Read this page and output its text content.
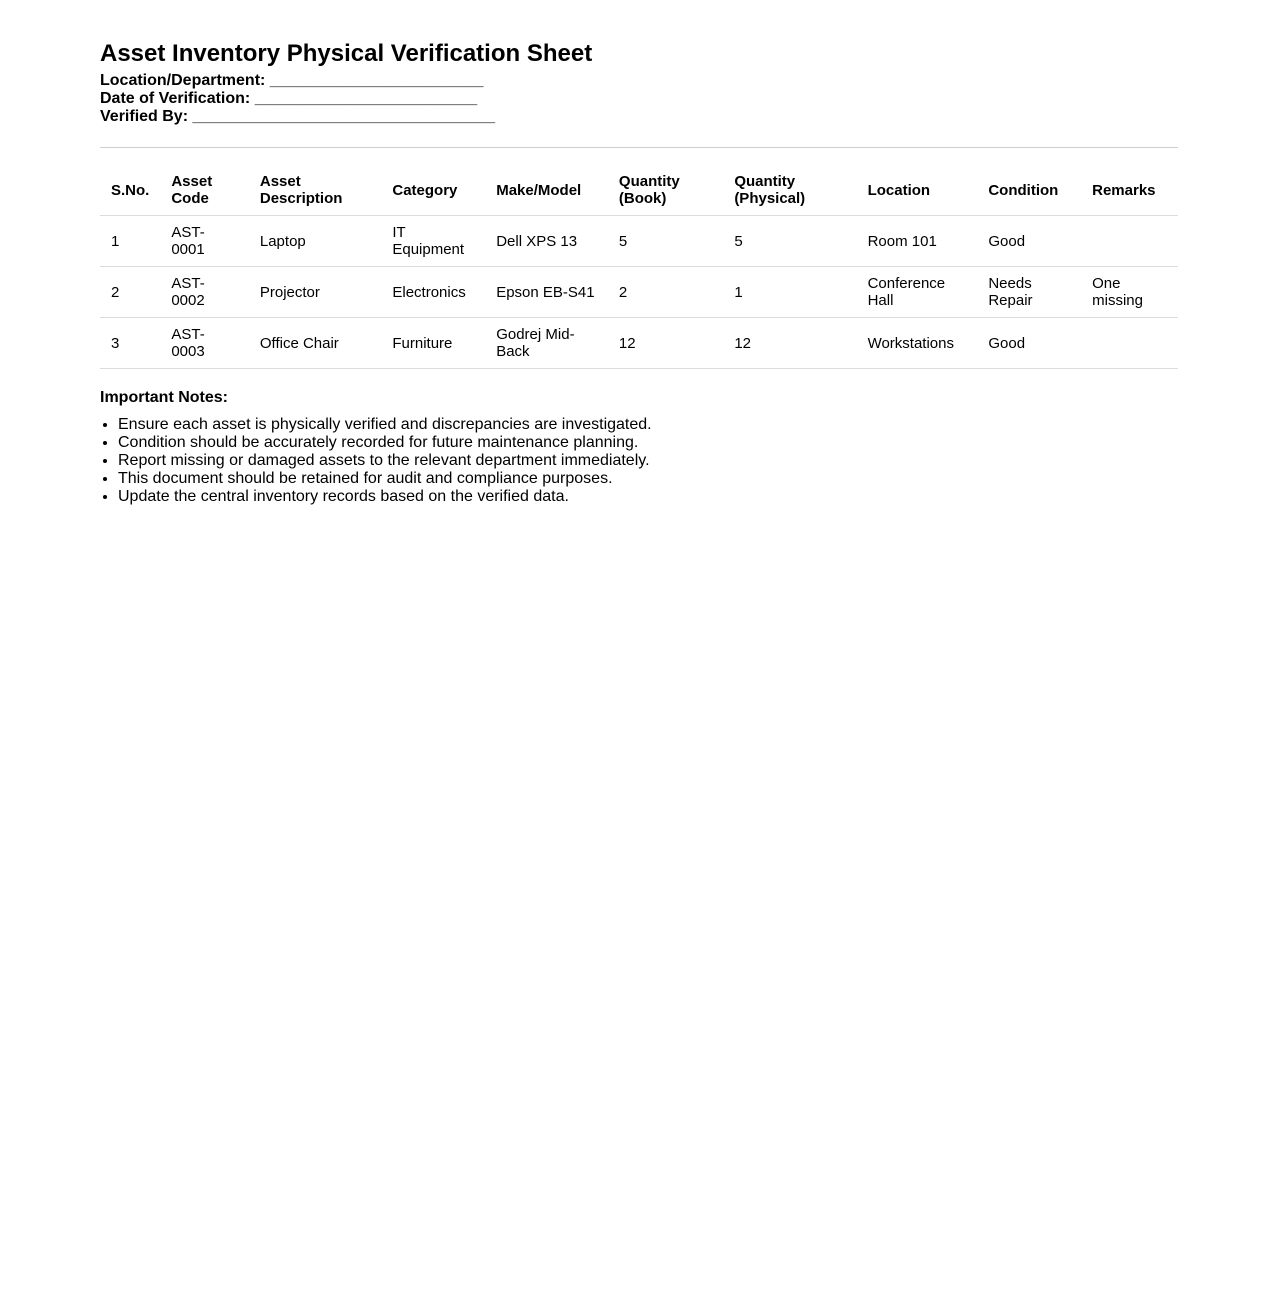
Asset Inventory Physical Verification Sheet
Location/Department: ________________________
Date of Verification: _________________________
Verified By: __________________________________
S.No.	Asset Code	Asset Description	Category	Make/Model	Quantity (Book)	Quantity (Physical)	Location	Condition	Remarks
1	AST-0001	Laptop	IT Equipment	Dell XPS 13	5	5	Room 101	Good	
2	AST-0002	Projector	Electronics	Epson EB-S41	2	1	Conference Hall	Needs Repair	One missing
3	AST-0003	Office Chair	Furniture	Godrej Mid-Back	12	12	Workstations	Good	
Important Notes:
• Ensure each asset is physically verified and discrepancies are investigated.
• Condition should be accurately recorded for future maintenance planning.
• Report missing or damaged assets to the relevant department immediately.
• This document should be retained for audit and compliance purposes.
• Update the central inventory records based on the verified data.
